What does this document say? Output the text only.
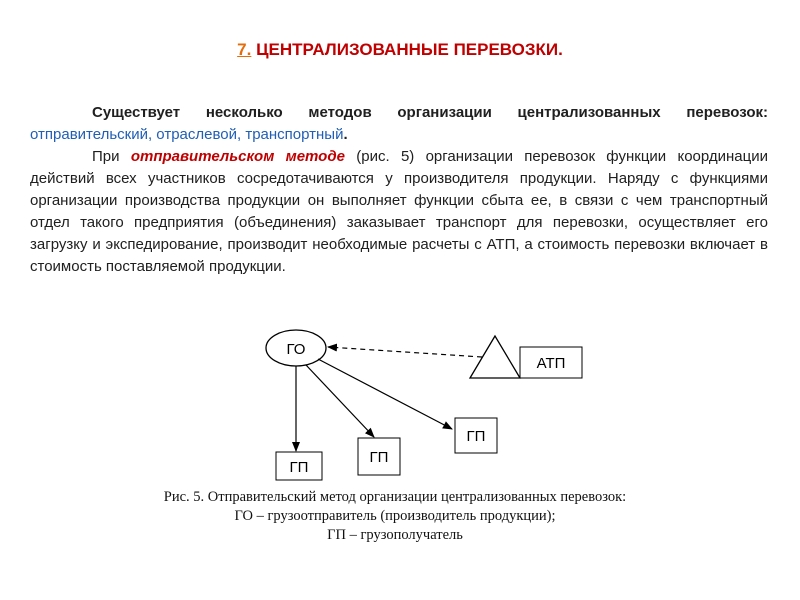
7. ЦЕНТРАЛИЗОВАННЫЕ ПЕРЕВОЗКИ.

Существует несколько методов организации централизованных перевозок: отправительский, отраслевой, транспортный.

При отправительском методе (рис. 5) организации перевозок функции координации действий всех участников сосредотачиваются у производителя продукции. Наряду с функциями организации производства продукции он выполняет функции сбыта ее, в связи с чем транспортный отдел такого предприятия (объединения) заказывает транспорт для перевозки, осуществляет его загрузку и экспедирование, производит необходимые расчеты с АТП, а стоимость перевозки включает в стоимость поставляемой продукции.

ГО
АТП
ГП
ГП
ГП
Рис. 5. Отправительский метод организации централизованных перевозок:
ГО – грузоотправитель (производитель продукции);
ГП – грузополучатель
